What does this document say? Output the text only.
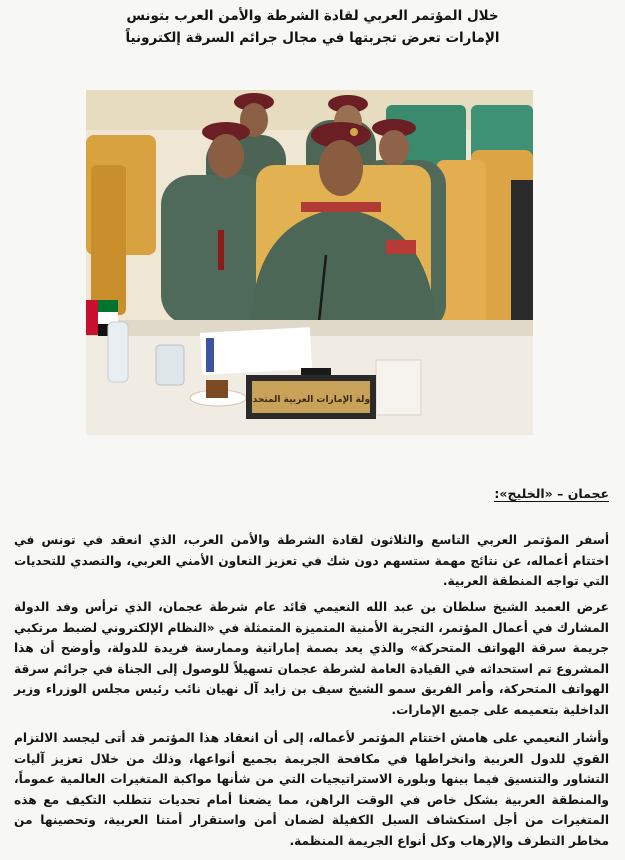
خلال المؤتمر العربي لقادة الشرطة والأمن العرب بتونس
الإمارات تعرض تجربتها في مجال جرائم السرقة إلكترونياً
دولة الإمارات العربية المتحدة

عجمان – «الخليج»:

أسفر المؤتمر العربي التاسع والثلاثون لقادة الشرطة والأمن العرب، الذي انعقد في تونس في اختتام أعماله، عن نتائج مهمة ستسهم دون شك في تعزيز التعاون الأمني العربي، والتصدي للتحديات التي تواجه المنطقة العربية.

عرض العميد الشيخ سلطان بن عبد الله النعيمي قائد عام شرطة عجمان، الذي ترأس وفد الدولة المشارك في أعمال المؤتمر، التجربة الأمنية المتميزة المتمثلة في «النظام الإلكتروني لضبط مرتكبي جريمة سرقة الهواتف المتحركة» والذي يعد بصمة إماراتية وممارسة فريدة للدولة، وأوضح أن هذا المشروع تم استحداثه في القيادة العامة لشرطة عجمان تسهيلاً للوصول إلى الجناة في جرائم سرقة الهواتف المتحركة، وأمر الفريق سمو الشيخ سيف بن زايد آل نهيان نائب رئيس مجلس الوزراء وزير الداخلية بتعميمه على جميع الإمارات.

وأشار النعيمي على هامش اختتام المؤتمر لأعماله، إلى أن انعقاد هذا المؤتمر قد أتى ليجسد الالتزام القوي للدول العربية وانخراطها في مكافحة الجريمة بجميع أنواعها، وذلك من خلال تعزيز آليات التشاور والتنسيق فيما بينها وبلورة الاستراتيجيات التي من شأنها مواكبة المتغيرات العالمية عموماً، والمنطقة العربية بشكل خاص في الوقت الراهن، مما يضعنا أمام تحديات تتطلب التكيف مع هذه المتغيرات من أجل استكشاف السبل الكفيلة لضمان أمن واستقرار أمتنا العربية، وتحصينها من مخاطر التطرف والإرهاب وكل أنواع الجريمة المنظمة.
